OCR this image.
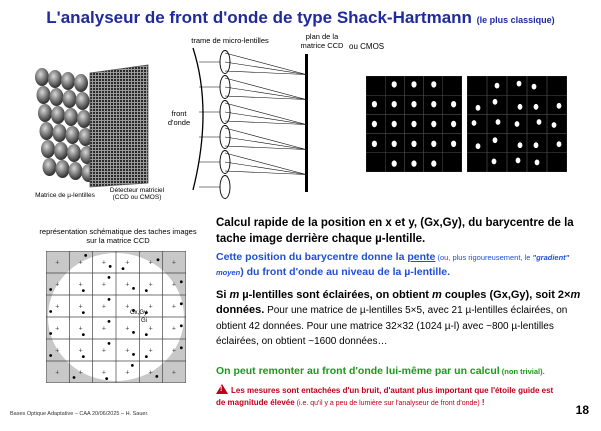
L'analyseur de front d'onde de type Shack-Hartmann (le plus classique)
Matrice de µ-lentilles
Détecteur matriciel (CCD ou CMOS)
trame de micro-lentilles	plan de la matrice CCD ou CMOS
front d'onde
représentation schématique des taches images sur la matrice CCD
+	+	+	+	+	+
+	+	+	+	+	+
+	+	+	+	+	+
+	+	+	+	+	+
+	+	+	+	+	+
+	+	+	+	+	+
Gx,Gy
Gi
Calcul rapide de la position en x et y, (Gx,Gy), du barycentre de la tache image derrière chaque µ-lentille.
Cette position du barycentre donne la pente (ou, plus rigoureusement, le "gradient" moyen) du front d'onde au niveau de la µ-lentille.
Si m µ-lentilles sont éclairées, on obtient m couples (Gx,Gy), soit 2×m données. Pour une matrice de µ-lentilles 5×5, avec 21 µ-lentilles éclairées, on obtient 42 données. Pour une matrice 32×32 (1024 µ-l) avec ~800 µ-lentilles éclairées, on obtient ~1600 données…
On peut remonter au front d'onde lui-même par un calcul (non trivial).
!Les mesures sont entachées d'un bruit, d'autant plus important que l'étoile guide est de magnitude élevée (i.e. qu'il y a peu de lumière sur l'analyseur de front d'onde) !
Bases Optique Adaptative – CAA 20/06/2025 – H. Sauer.	18
